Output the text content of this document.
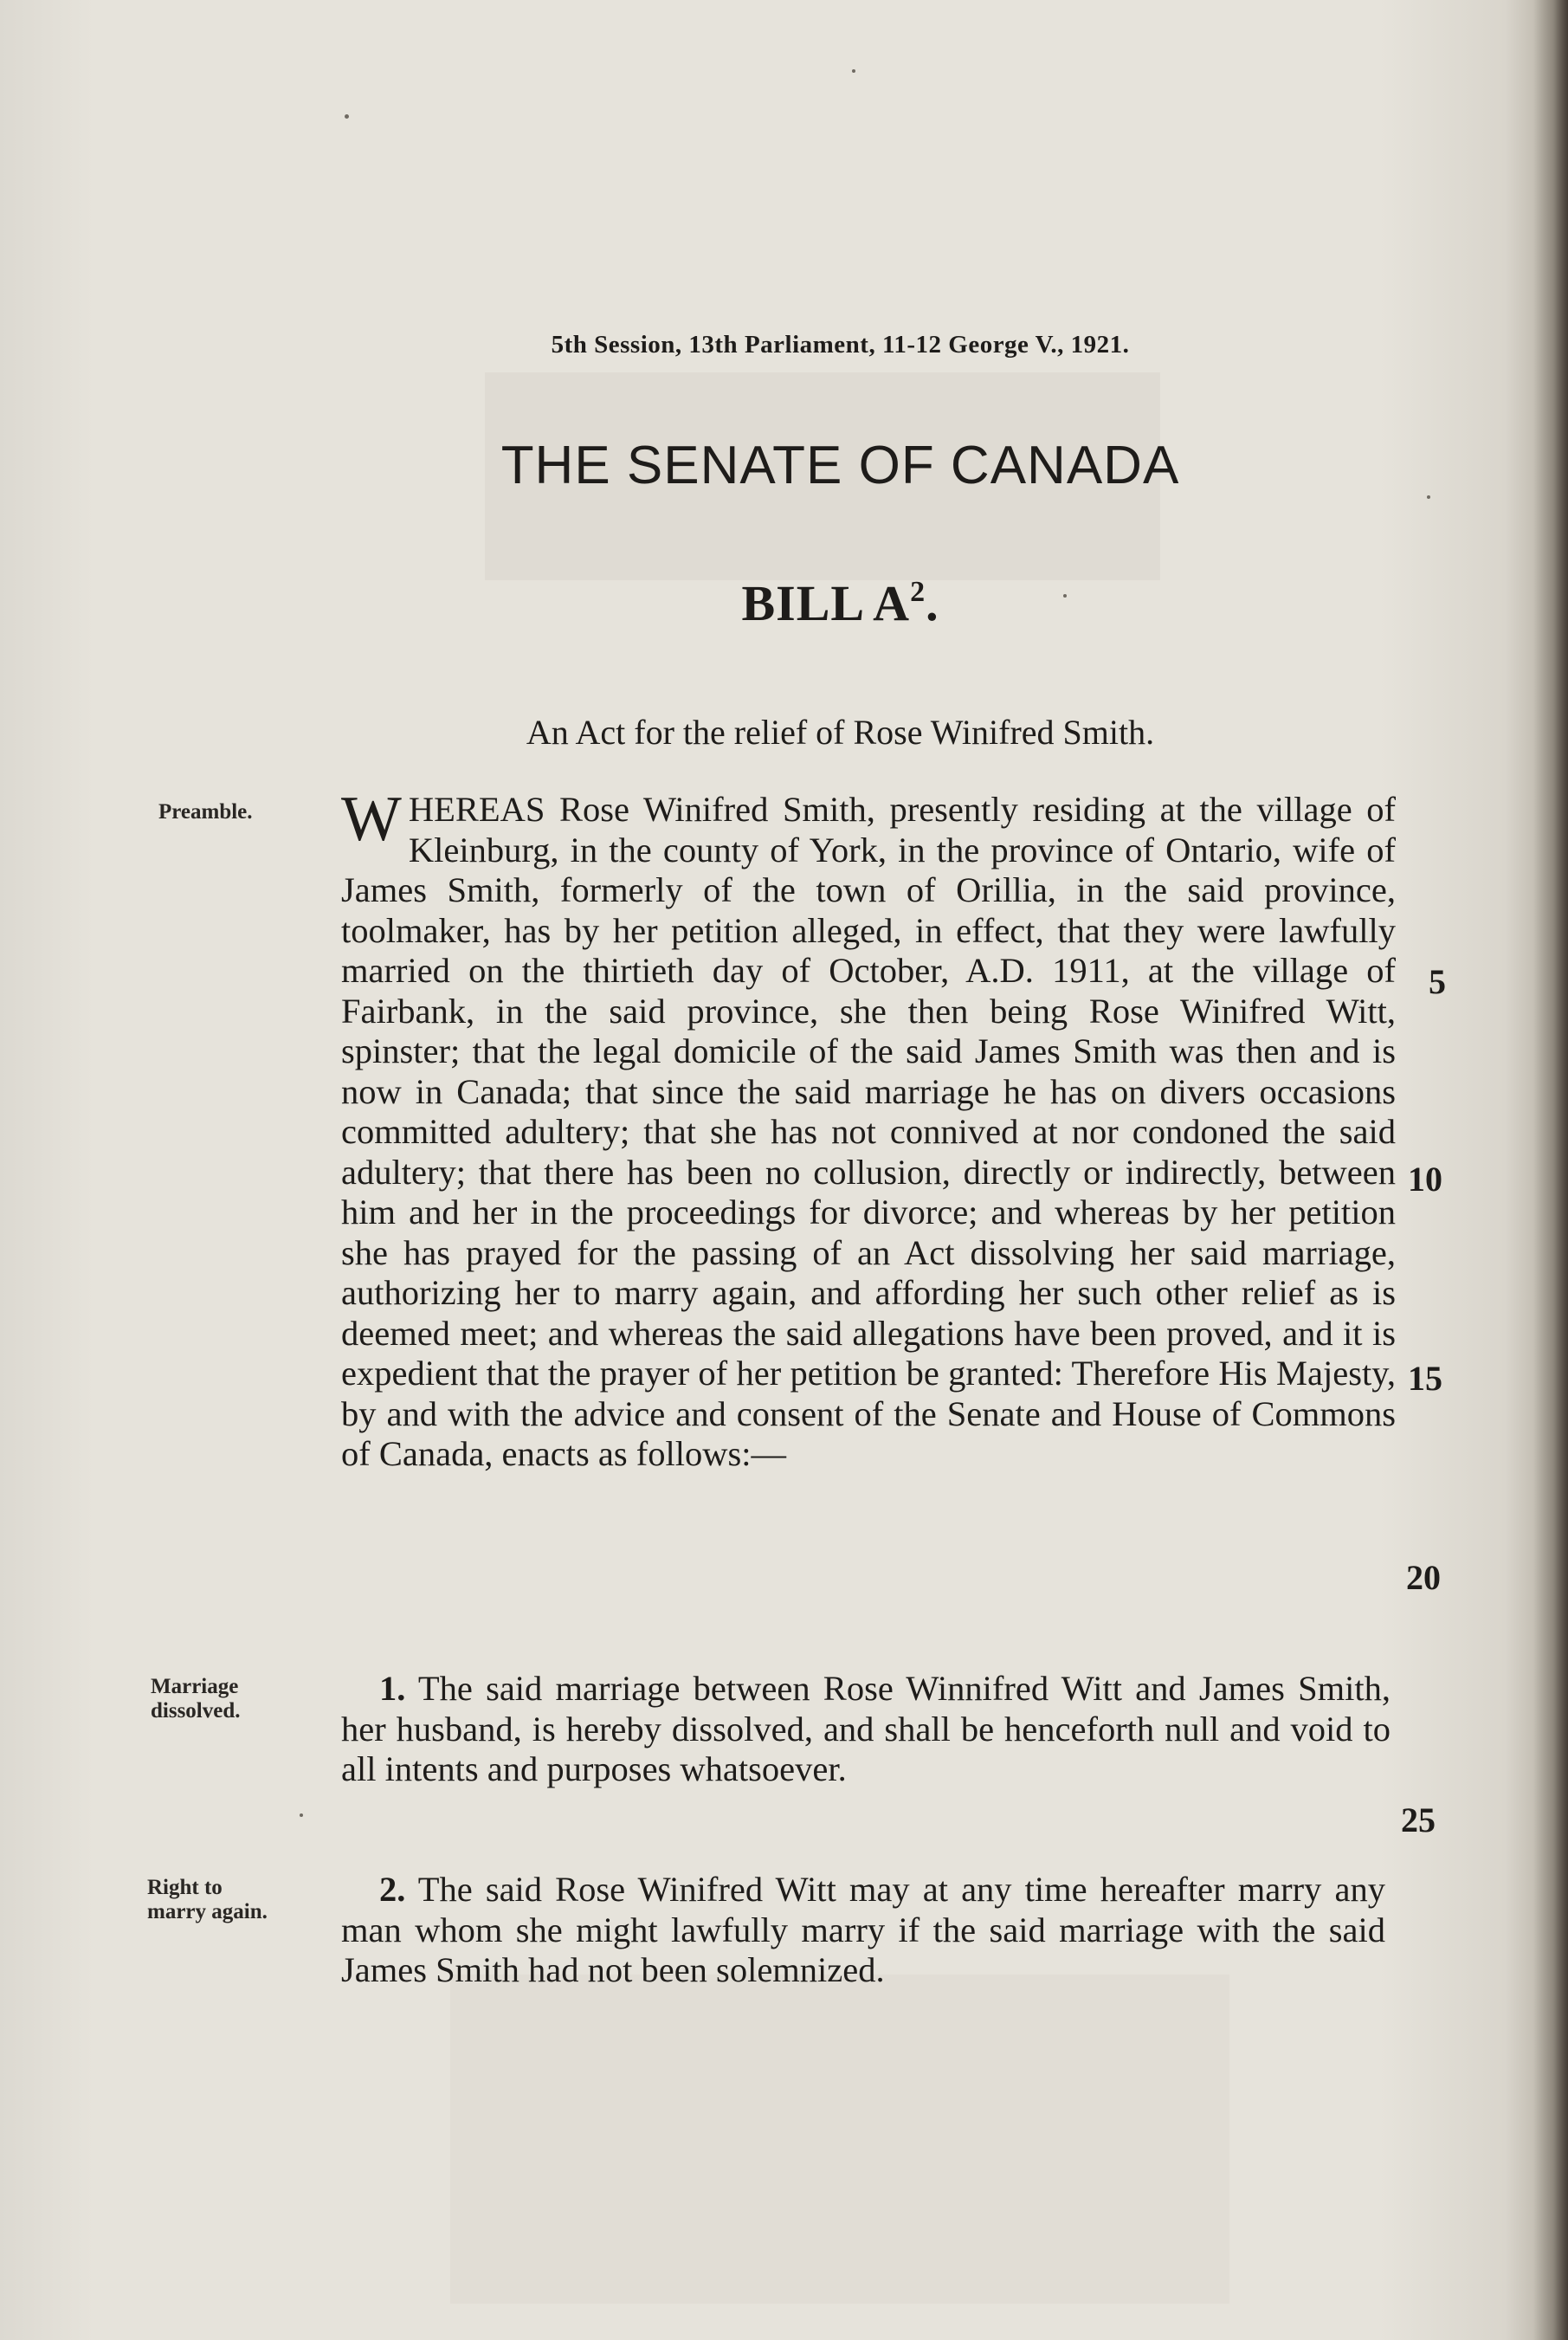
5th Session, 13th Parliament, 11-12 George V., 1921.
THE SENATE OF CANADA
BILL $A^2$.
An Act for the relief of Rose Winifred Smith.
Preamble. WHEREAS Rose Winifred Smith, presently residing at the village of Kleinburg, in the county of York, in the province of Ontario, wife of James Smith, formerly of the town of Orillia, in the said province, toolmaker, has by her petition alleged, in effect, that they were lawfully married on the thirtieth day of October, A.D. 1911, at the village of Fairbank, in the said province, she then being Rose Winifred Witt, spinster; that the legal domicile of the said James Smith was then and is now in Canada; that since the said marriage he has on divers occasions committed adultery; that she has not connived at nor condoned the said adultery; that there has been no collusion, directly or indirectly, between him and her in the proceedings for divorce; and whereas by her petition she has prayed for the passing of an Act dissolving her said marriage, authorizing her to marry again, and affording her such other relief as is deemed meet; and whereas the said allegations have been proved, and it is expedient that the prayer of her petition be granted: Therefore His Majesty, by and with the advice and consent of the Senate and House of Commons of Canada, enacts as follows:—

Marriage
dissolved.

1. The said marriage between Rose Winnifred Witt and James Smith, her husband, is hereby dissolved, and shall be henceforth null and void to all intents and purposes whatsoever.

Right to
marry again.

2. The said Rose Winifred Witt may at any time hereafter marry any man whom she might lawfully marry if the said marriage with the said James Smith had not been solemnized.

5
10
15
20
25
